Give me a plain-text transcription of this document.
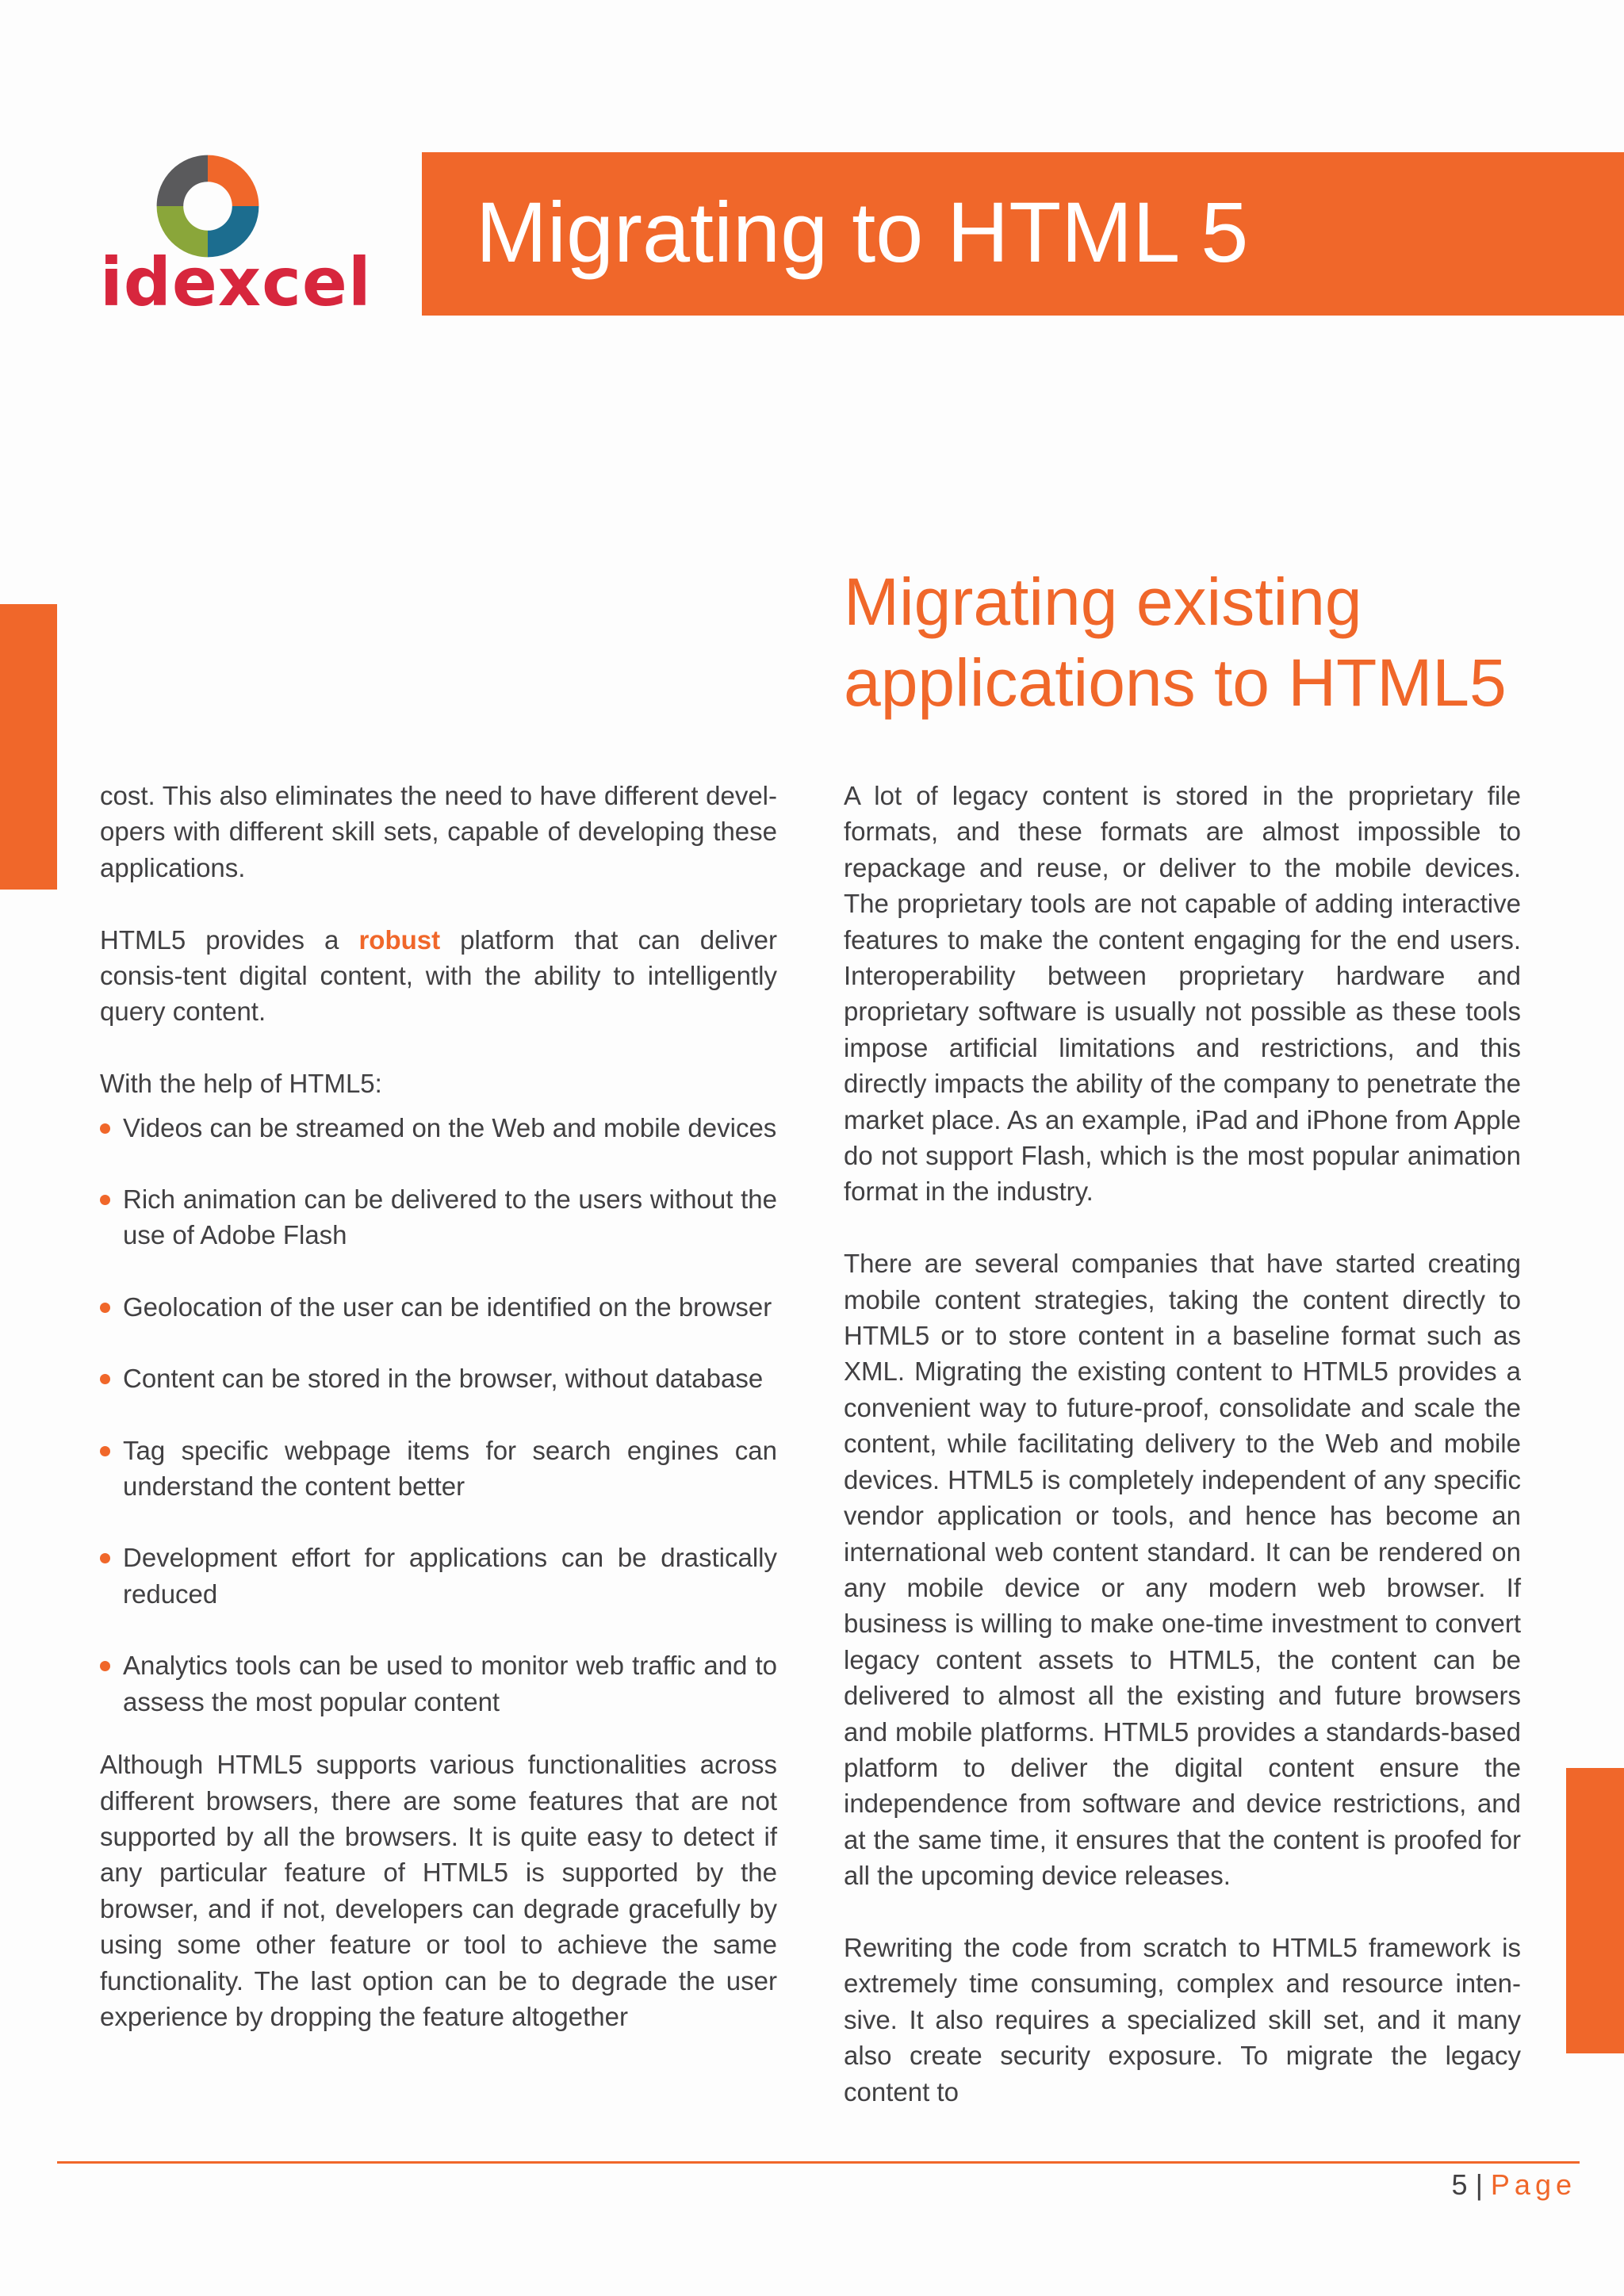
idexcel
Migrating to HTML 5
Migrating existing applications to HTML5

cost. This also eliminates the need to have different devel-opers with different skill sets, capable of developing these applications.

HTML5 provides a robust platform that can deliver consis-tent digital content, with the ability to intelligently query content.

With the help of HTML5:

Videos can be streamed on the Web and mobile devices
Rich animation can be delivered to the users without the use of Adobe Flash
Geolocation of the user can be identified on the browser
Content can be stored in the browser, without database
Tag specific webpage items for search engines can understand the content better
Development effort for applications can be drastically reduced
Analytics tools can be used to monitor web traffic and to assess the most popular content

Although HTML5 supports various functionalities across different browsers, there are some features that are not supported by all the browsers. It is quite easy to detect if any particular feature of HTML5 is supported by the browser, and if not, developers can degrade gracefully by using some other feature or tool to achieve the same functionality. The last option can be to degrade the user experience by dropping the feature altogether

A lot of legacy content is stored in the proprietary file formats, and these formats are almost impossible to repackage and reuse, or deliver to the mobile devices. The proprietary tools are not capable of adding interactive features to make the content engaging for the end users. Interoperability between proprietary hardware and proprietary software is usually not possible as these tools impose artificial limitations and restrictions, and this directly impacts the ability of the company to penetrate the market place. As an example, iPad and iPhone from Apple do not support Flash, which is the most popular animation format in the industry.

There are several companies that have started creating mobile content strategies, taking the content directly to HTML5 or to store content in a baseline format such as XML. Migrating the existing content to HTML5 provides a convenient way to future-proof, consolidate and scale the content, while facilitating delivery to the Web and mobile devices. HTML5 is completely independent of any specific vendor application or tools, and hence has become an international web content standard. It can be rendered on any mobile device or any modern web browser. If business is willing to make one-time investment to convert legacy content assets to HTML5, the content can be delivered to almost all the existing and future browsers and mobile platforms. HTML5 provides a standards-based platform to deliver the digital content ensure the independence from software and device restrictions, and at the same time, it ensures that the content is proofed for all the upcoming device releases.

Rewriting the code from scratch to HTML5 framework is extremely time consuming, complex and resource inten-sive. It also requires a specialized skill set, and it many also create security exposure. To migrate the legacy content to

5 | Page
